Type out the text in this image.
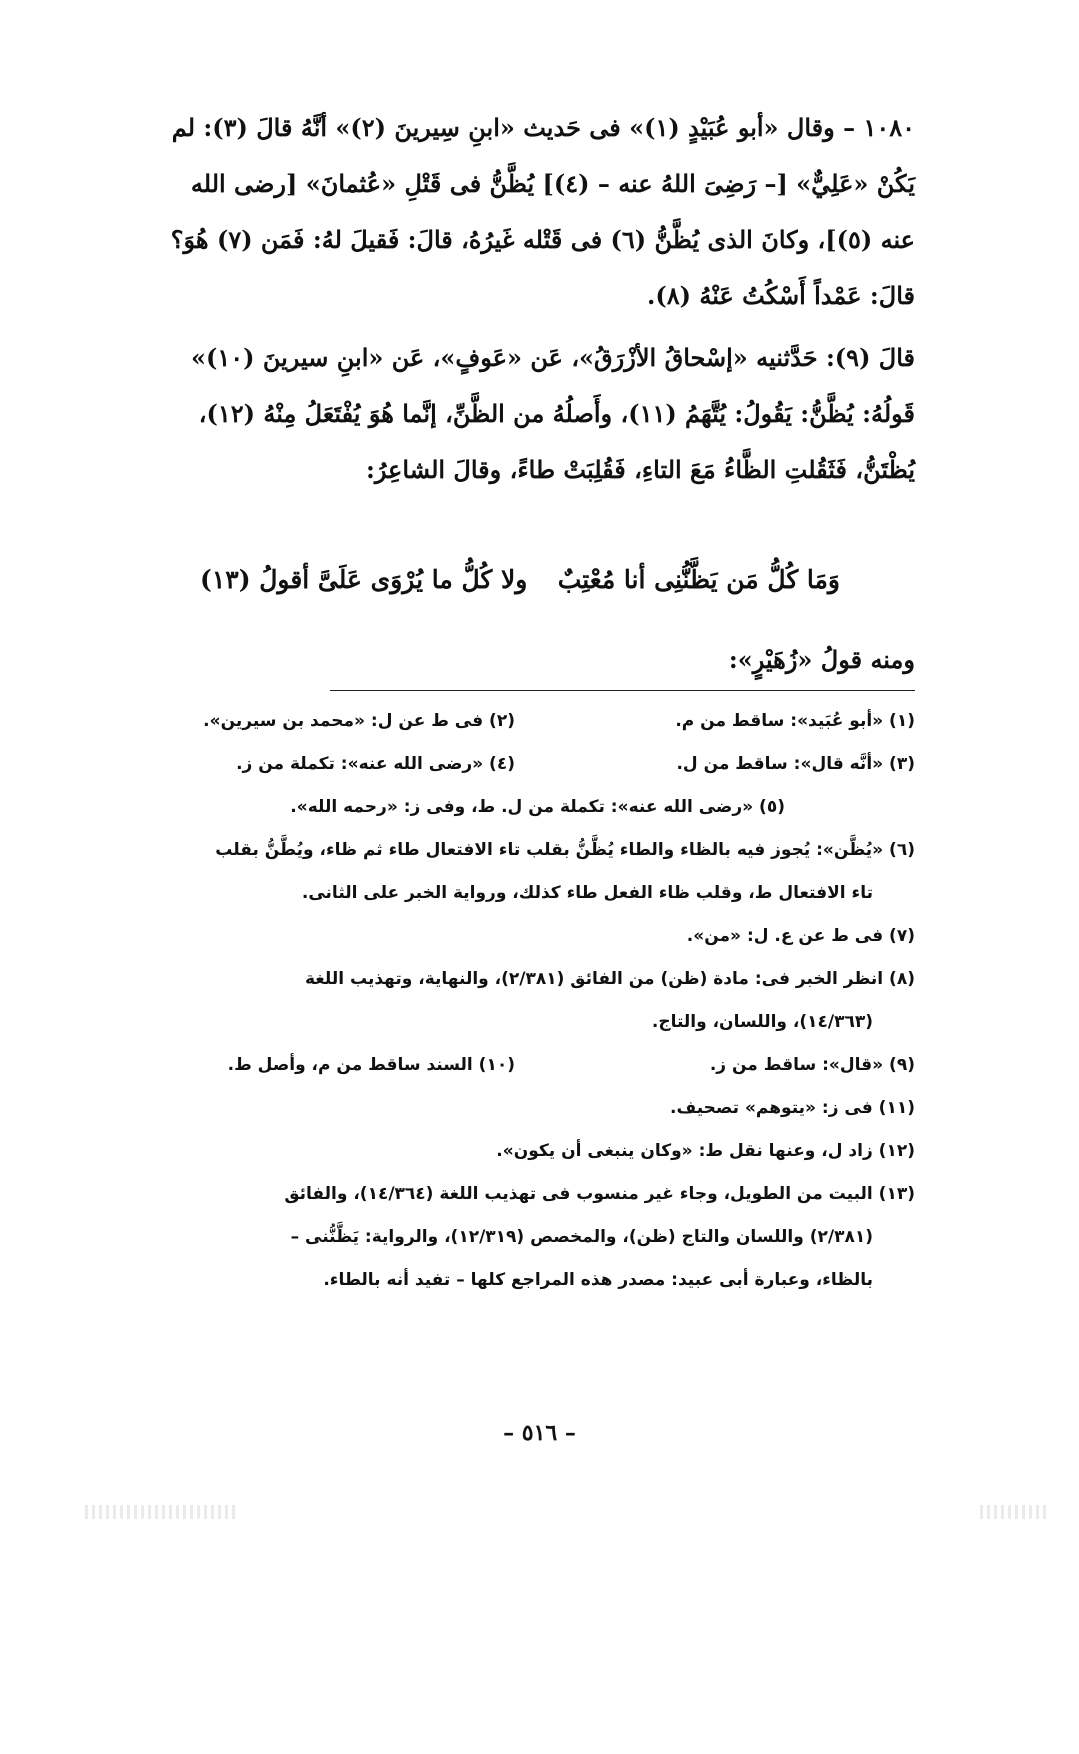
١٠٨٠ – وقال «أبو عُبَيْدٍ (١)» فى حَديث «ابنِ سِيرينَ (٢)» أنَّهُ قالَ (٣): لم

يَكُنْ «عَلِيٌّ» [– رَضِىَ اللهُ عنه – (٤)] يُظَّنُّ فى قَتْلِ «عُثمانَ» [رضى الله

عنه (٥)]، وكانَ الذى يُظَّنُّ (٦) فى قَتْله غَيرُهُ، قالَ: فَقيلَ لهُ: فَمَن (٧) هُوَ؟

قالَ: عَمْداً أَسْكُتُ عَنْهُ (٨).

قالَ (٩): حَدَّثنيه «إسْحاقُ الأزْرَقُ»، عَن «عَوفٍ»، عَن «ابنِ سيرينَ (١٠)»

قَولُهُ: يُظَّنُّ: يَقُولُ: يُتَّهَمُ (١١)، وأَصلُهُ من الظَّنِّ، إنَّما هُوَ يُفْتَعَلُ مِنْهُ (١٢)،

يُظْتَنُّ، فَثَقُلتِ الظَّاءُ مَعَ التاءِ، فَقُلِبَتْ طاءً، وقالَ الشاعِرُ:

وَمَا كُلُّ مَن يَظَّنُّنِى أنا مُعْتِبٌ
ولا كُلُّ ما يُرْوَى عَلَىَّ أقولُ (١٣)
ومنه قولُ «زُهَيْرٍ»:
(١) «أبو عُبَيد»: ساقط من م.
(٢) فى ط عن ل: «محمد بن سيرين».
(٣) «أنَّه قال»: ساقط من ل.
(٤) «رضى الله عنه»: تكملة من ز.
(٥) «رضى الله عنه»: تكملة من ل. ط، وفى ز: «رحمه الله».
(٦) «يُظَّن»: يُجوز فيه بالظاء والطاء يُظَّنُّ بقلب تاء الافتعال طاء ثم ظاء، ويُطَّنُّ بقلب
تاء الافتعال ط، وقلب ظاء الفعل طاء كذلك، ورواية الخبر على الثانى.
(٧) فى ط عن ع. ل: «من».
(٨) انظر الخبر فى: مادة (ظن) من الفائق (٢/٣٨١)، والنهاية، وتهذيب اللغة
(١٤/٣٦٣)، واللسان، والتاج.
(٩) «قال»: ساقط من ز.
(١٠) السند ساقط من م، وأصل ط.
(١١) فى ز: «يتوهم» تصحيف.
(١٢) زاد ل، وعنها نقل ط: «وكان ينبغى أن يكون».
(١٣) البيت من الطويل، وجاء غير منسوب فى تهذيب اللغة (١٤/٣٦٤)، والفائق
(٢/٣٨١) واللسان والتاج (ظن)، والمخصص (١٢/٣١٩)، والرواية: يَظَّنُّنى –
بالظاء، وعبارة أبى عبيد: مصدر هذه المراجع كلها – تفيد أنه بالطاء.
– ٥١٦ –
